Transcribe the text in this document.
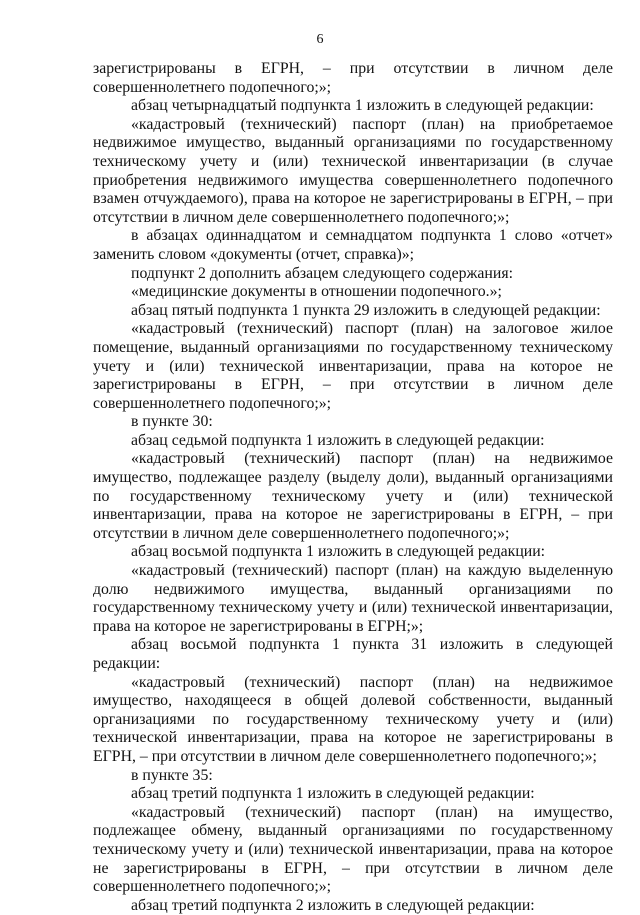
6

зарегистрированы в ЕГРН, – при отсутствии в личном деле совершеннолетнего подопечного;»;

абзац четырнадцатый подпункта 1 изложить в следующей редакции:

«кадастровый (технический) паспорт (план) на приобретаемое недвижимое имущество, выданный организациями по государственному техническому учету и (или) технической инвентаризации (в случае приобретения недвижимого имущества совершеннолетнего подопечного взамен отчуждаемого), права на которое не зарегистрированы в ЕГРН, – при отсутствии в личном деле совершеннолетнего подопечного;»;

в абзацах одиннадцатом и семнадцатом подпункта 1 слово «отчет» заменить словом «документы (отчет, справка)»;

подпункт 2 дополнить абзацем следующего содержания:

«медицинские документы в отношении подопечного.»;

абзац пятый подпункта 1 пункта 29 изложить в следующей редакции:

«кадастровый (технический) паспорт (план) на залоговое жилое помещение, выданный организациями по государственному техническому учету и (или) технической инвентаризации, права на которое не зарегистрированы в ЕГРН, – при отсутствии в личном деле совершеннолетнего подопечного;»;

в пункте 30:

абзац седьмой подпункта 1 изложить в следующей редакции:

«кадастровый (технический) паспорт (план) на недвижимое имущество, подлежащее разделу (выделу доли), выданный организациями по государственному техническому учету и (или) технической инвентаризации, права на которое не зарегистрированы в ЕГРН, – при отсутствии в личном деле совершеннолетнего подопечного;»;

абзац восьмой подпункта 1 изложить в следующей редакции:

«кадастровый (технический) паспорт (план) на каждую выделенную долю недвижимого имущества, выданный организациями по государственному техническому учету и (или) технической инвентаризации, права на которое не зарегистрированы в ЕГРН;»;

абзац восьмой подпункта 1 пункта 31 изложить в следующей редакции:

«кадастровый (технический) паспорт (план) на недвижимое имущество, находящееся в общей долевой собственности, выданный организациями по государственному техническому учету и (или) технической инвентаризации, права на которое не зарегистрированы в ЕГРН, – при отсутствии в личном деле совершеннолетнего подопечного;»;

в пункте 35:

абзац третий подпункта 1 изложить в следующей редакции:

«кадастровый (технический) паспорт (план) на имущество, подлежащее обмену, выданный организациями по государственному техническому учету и (или) технической инвентаризации, права на которое не зарегистрированы в ЕГРН, – при отсутствии в личном деле совершеннолетнего подопечного;»;

абзац третий подпункта 2 изложить в следующей редакции:
